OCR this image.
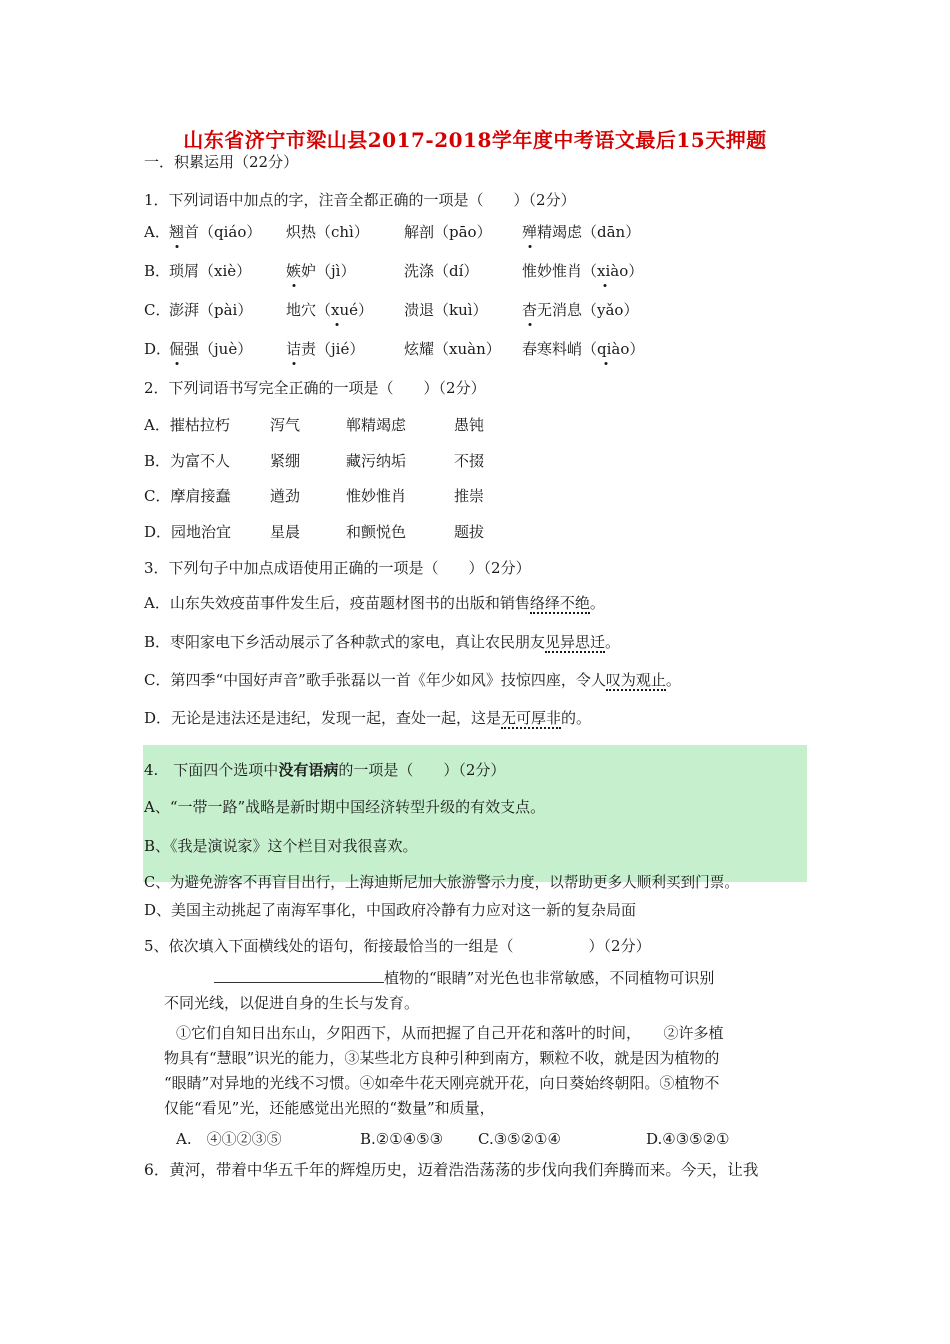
山东省济宁市梁山县2017-2018学年度中考语文最后15天押题
一．积累运用（22分）
1．下列词语中加点的字，注音全都正确的一项是（　　）（2分）
A． 翘首（qiáo） 炽热（chì） 解剖（pāo） 殚精竭虑（dān）
B．
琐屑（xiè） 嫉妒（jì）	洗涤（dí）	惟妙惟肖（xiào）
C．
澎湃（pài） 地穴（xué） 溃退（kuì） 杳无消息（yǎo）
D．
倔强（juè） 诘责（jié）	炫耀（xuàn） 春寒料峭（qiào）
2．下列词语书写完全正确的一项是（　　）（2分）
A．摧枯拉朽	泻气	郸精竭虑	愚钝
B．为富不人	紧绷	藏污纳垢	不掇
C．摩肩接蠢	遒劲	惟妙惟肖	推崇
D．园地治宜	星晨	和颤悦色	题拔
3．下列句子中加点成语使用正确的一项是（　　）（2分）
A．山东失效疫苗事件发生后，疫苗题材图书的出版和销售络绎不绝。
B．枣阳家电下乡活动展示了各种款式的家电，真让农民朋友见异思迁。
C．第四季“中国好声音”歌手张磊以一首《年少如风》技惊四座，令人叹为观止。
D．无论是违法还是违纪，发现一起，查处一起，这是无可厚非的。
4.　下面四个选项中没有语病的一项是（　　）（2分）
A、“一带一路”战略是新时期中国经济转型升级的有效支点。
B、《我是演说家》这个栏目对我很喜欢。
C、为避免游客不再盲目出行，上海迪斯尼加大旅游警示力度，以帮助更多人顺利买到门票。
D、美国主动挑起了南海军事化，中国政府冷静有力应对这一新的复杂局面
5、依次填入下面横线处的语句，衔接最恰当的一组是（　　　　　）（2分）
植物的“眼睛”对光色也非常敏感，不同植物可识别
不同光线，以促进自身的生长与发育。
①它们自知日出东山，夕阳西下，从而把握了自己开花和落叶的时间，　　②许多植
物具有“慧眼”识光的能力，③某些北方良种引种到南方，颗粒不收，就是因为植物的
“眼睛”对异地的光线不习惯。④如牵牛花天刚亮就开花，向日葵始终朝阳。⑤植物不
仅能“看见”光，还能感觉出光照的“数量”和质量，
A.　④①②③⑤	B.②①④⑤③ C.③⑤②①④	D.④③⑤②①
6．黄河，带着中华五千年的辉煌历史，迈着浩浩荡荡的步伐向我们奔腾而来。今天，让我
